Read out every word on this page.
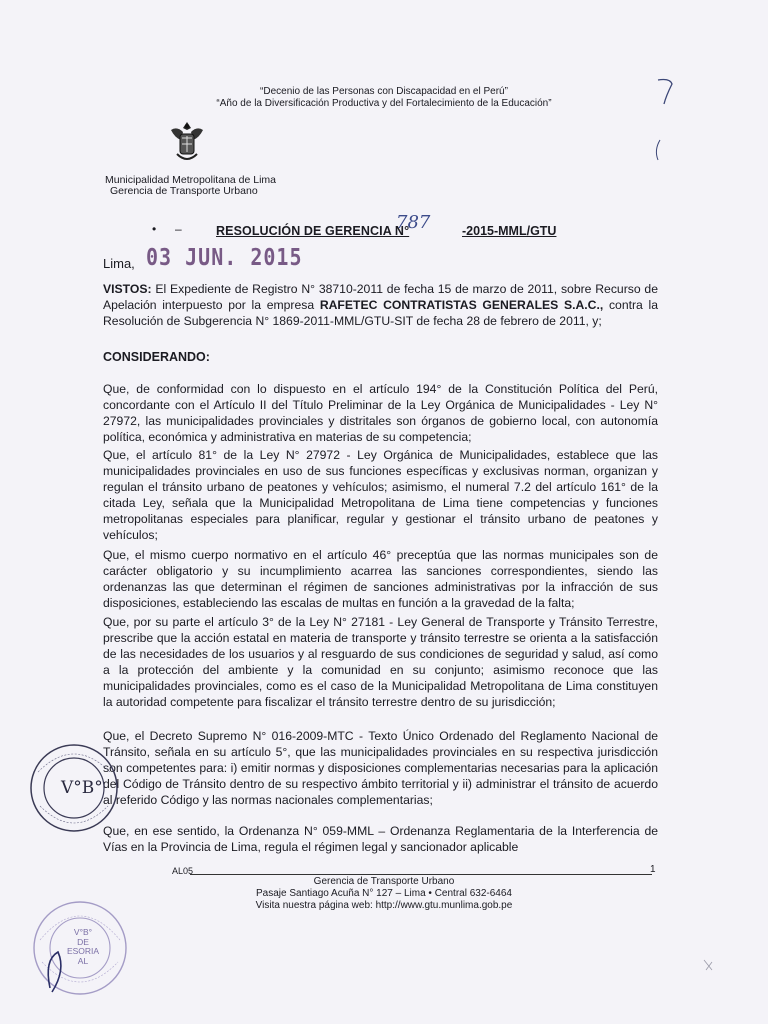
“Decenio de las Personas con Discapacidad en el Perú”
“Año de la Diversificación Productiva y del Fortalecimiento de la Educación”
Municipalidad Metropolitana de Lima
Gerencia de Transporte Urbano
• –	RESOLUCIÓN DE GERENCIA N°
787	-2015-MML/GTU
Lima, 03 JUN. 2015
VISTOS: El Expediente de Registro N° 38710-2011 de fecha 15 de marzo de 2011, sobre Recurso de Apelación interpuesto por la empresa RAFETEC CONTRATISTAS GENERALES S.A.C., contra la Resolución de Subgerencia N° 1869-2011-MML/GTU-SIT de fecha 28 de febrero de 2011, y;
CONSIDERANDO:
Que, de conformidad con lo dispuesto en el artículo 194° de la Constitución Política del Perú, concordante con el Artículo II del Título Preliminar de la Ley Orgánica de Municipalidades - Ley N° 27972, las municipalidades provinciales y distritales son órganos de gobierno local, con autonomía política, económica y administrativa en materias de su competencia;
Que, el artículo 81° de la Ley N° 27972 - Ley Orgánica de Municipalidades, establece que las municipalidades provinciales en uso de sus funciones específicas y exclusivas norman, organizan y regulan el tránsito urbano de peatones y vehículos; asimismo, el numeral 7.2 del artículo 161° de la citada Ley, señala que la Municipalidad Metropolitana de Lima tiene competencias y funciones metropolitanas especiales para planificar, regular y gestionar el tránsito urbano de peatones y vehículos;
Que, el mismo cuerpo normativo en el artículo 46° preceptúa que las normas municipales son de carácter obligatorio y su incumplimiento acarrea las sanciones correspondientes, siendo las ordenanzas las que determinan el régimen de sanciones administrativas por la infracción de sus disposiciones, estableciendo las escalas de multas en función a la gravedad de la falta;
Que, por su parte el artículo 3° de la Ley N° 27181 - Ley General de Transporte y Tránsito Terrestre, prescribe que la acción estatal en materia de transporte y tránsito terrestre se orienta a la satisfacción de las necesidades de los usuarios y al resguardo de sus condiciones de seguridad y salud, así como a la protección del ambiente y la comunidad en su conjunto; asimismo reconoce que las municipalidades provinciales, como es el caso de la Municipalidad Metropolitana de Lima constituyen la autoridad competente para fiscalizar el tránsito terrestre dentro de su jurisdicción;
Que, el Decreto Supremo N° 016-2009-MTC - Texto Único Ordenado del Reglamento Nacional de Tránsito, señala en su artículo 5°, que las municipalidades provinciales en su respectiva jurisdicción son competentes para: i) emitir normas y disposiciones complementarias necesarias para la aplicación del Código de Tránsito dentro de su respectivo ámbito territorial y ii) administrar el tránsito de acuerdo al referido Código y las normas nacionales complementarias;
Que, en ese sentido, la Ordenanza N° 059-MML – Ordenanza Reglamentaria de la Interferencia de Vías en la Provincia de Lima, regula el régimen legal y sancionador aplicable
V°B°
AL05	1
Gerencia de Transporte Urbano
Pasaje Santiago Acuña N° 127 – Lima • Central 632-6464
Visita nuestra página web: http://www.gtu.munlima.gob.pe
V°B°
DE
ESORIA
AL
